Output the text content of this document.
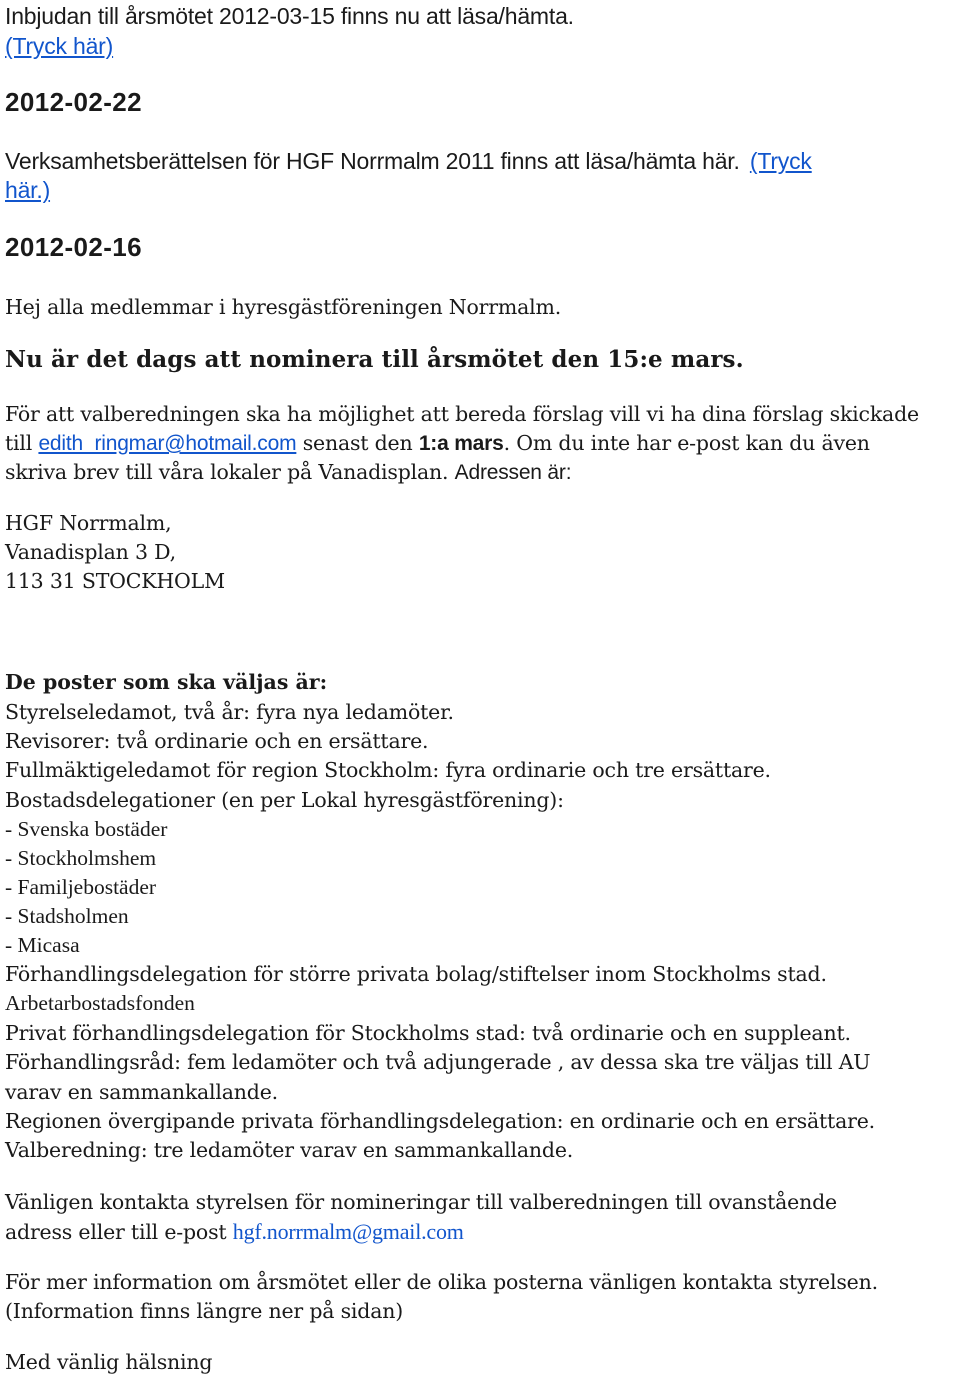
Inbjudan till årsmötet 2012-03-15 finns nu att läsa/hämta.
(Tryck här)
2012-02-22
Verksamhetsberättelsen för HGF Norrmalm 2011 finns att läsa/hämta här. (Tryck
här.)
2012-02-16
Hej alla medlemmar i hyresgästföreningen Norrmalm.
Nu är det dags att nominera till årsmötet den 15:e mars.
För att valberedningen ska ha möjlighet att bereda förslag vill vi ha dina förslag skickade
till edith_ringmar@hotmail.com senast den 1:a mars. Om du inte har e-post kan du även
skriva brev till våra lokaler på Vanadisplan. Adressen är:
HGF Norrmalm,
Vanadisplan 3 D,
113 31 STOCKHOLM
De poster som ska väljas är:
Styrelseledamot, två år: fyra nya ledamöter.
Revisorer: två ordinarie och en ersättare.
Fullmäktigeledamot för region Stockholm: fyra ordinarie och tre ersättare.
Bostadsdelegationer (en per Lokal hyresgästförening):
- Svenska bostäder
- Stockholmshem
- Familjebostäder
- Stadsholmen
- Micasa
Förhandlingsdelegation för större privata bolag/stiftelser inom Stockholms stad.
Arbetarbostadsfonden
Privat förhandlingsdelegation för Stockholms stad: två ordinarie och en suppleant.
Förhandlingsråd: fem ledamöter och två adjungerade , av dessa ska tre väljas till AU
varav en sammankallande.
Regionen övergipande privata förhandlingsdelegation: en ordinarie och en ersättare.
Valberedning: tre ledamöter varav en sammankallande.
Vänligen kontakta styrelsen för nomineringar till valberedningen till ovanstående
adress eller till e-post hgf.norrmalm@gmail.com
För mer information om årsmötet eller de olika posterna vänligen kontakta styrelsen.
(Information finns längre ner på sidan)
Med vänlig hälsning
